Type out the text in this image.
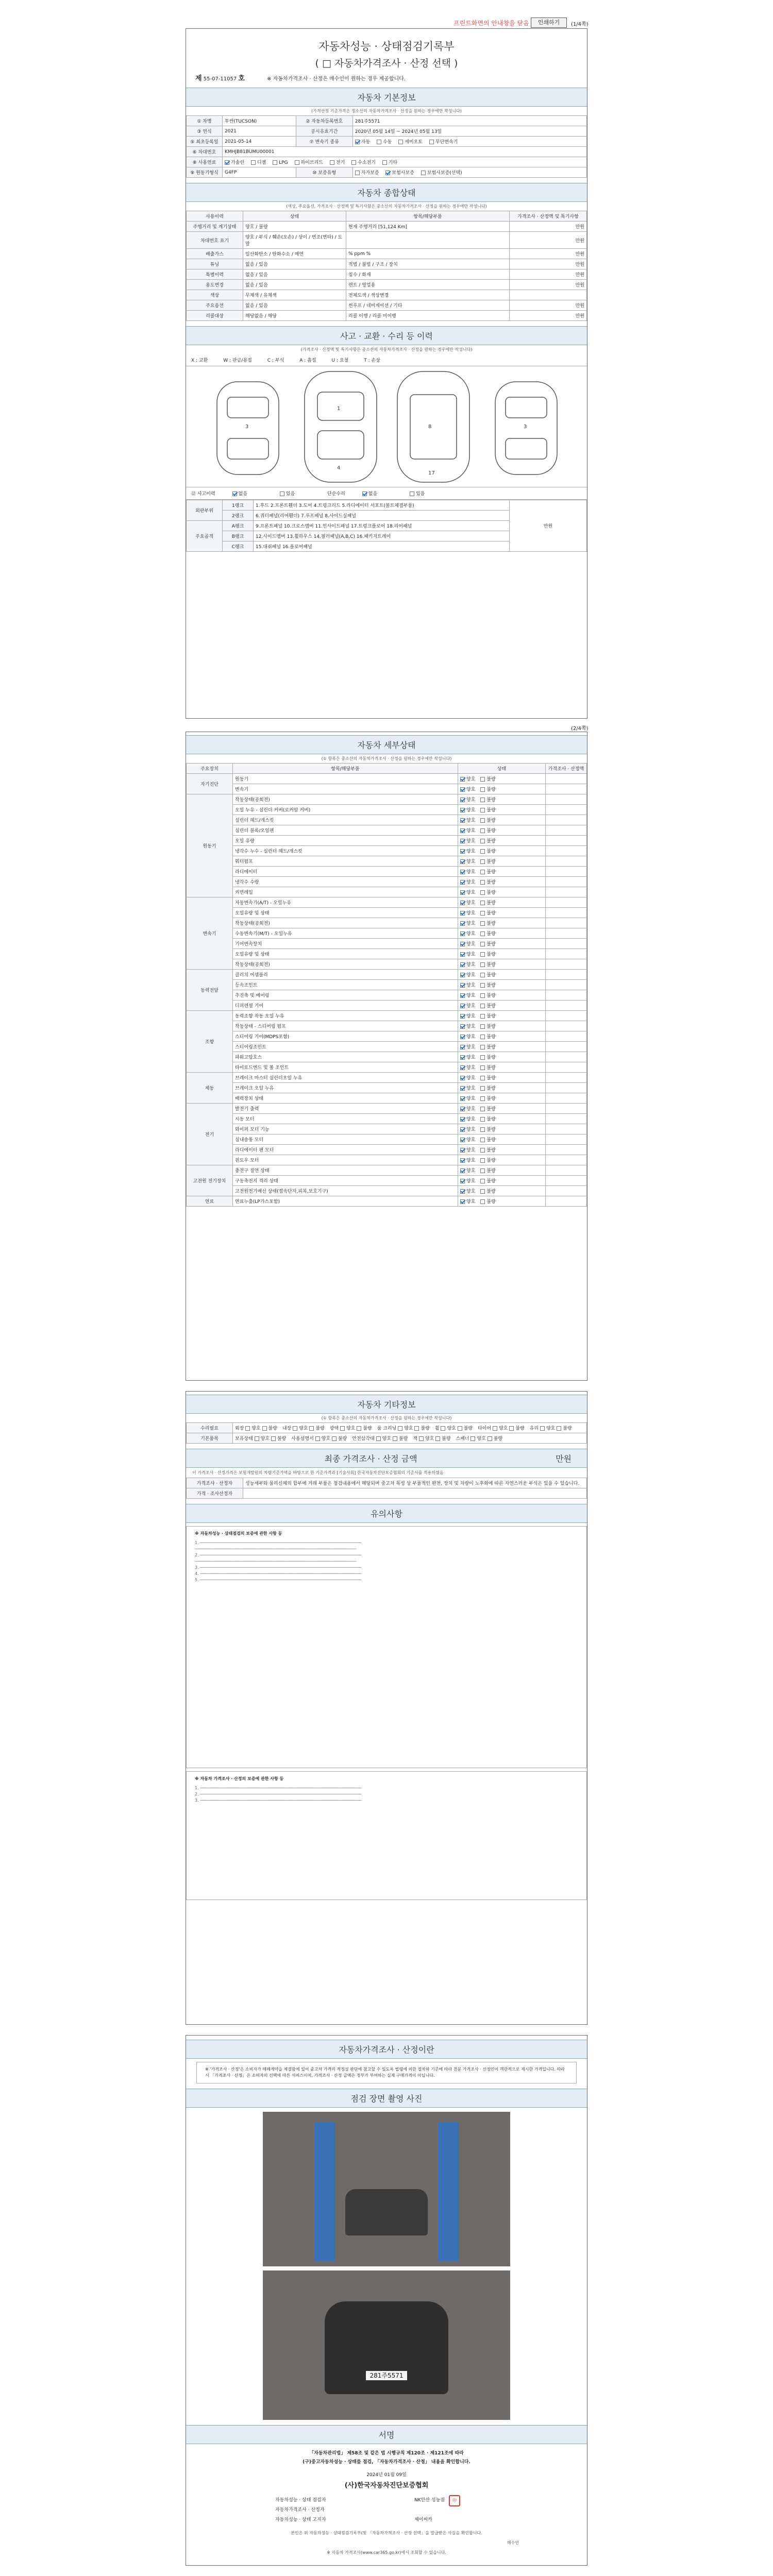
프린트화면의 안내창을 닫음	인쇄하기	(1/4쪽)
자동차성능 · 상태점검기록부
( □ 자동차가격조사 · 산정 선택 )
제 55-07-11057 호	※ 자동차가격조사 · 산정은 매수인이 원하는 경우 제공합니다.
자동차 기본정보
(가격산정 기준가격은 정소산의 자동차가격조사 · 산정을 원하는 경우에만 작성니다)
① 차명	투싼(TUCSON)	② 자동차등록번호	281주5571
③ 연식	2021	공시유효기간	2020년 05월 14일 ~ 2024년 05월 13일
⑤ 최초등록일	2021-05-14	⑦ 변속기 종류	자동 수동 세미오토 무단변속기
⑥ 차대번호	KMHJB81BUMU00001		
⑧ 사용연료	가솔린 디젤 LPG 하이브리드 전기 수소전기 기타		
⑨ 원동기형식	G4FP	⑩ 보증유형	자가보증 보험사보증 보험사보증(선택)
자동차 종합상태
(색상, 주요옵션, 가격조사 · 산정액 및 특기사항은 중소산의 자동차가격조사 · 산정을 원하는 경우에만 작성니다)
사용이력	상태	항목/해당부품	가격조사 · 산정액 및 특기사항
주행거리 및 계기상태	양호 / 불량	현재 주행거리 [51,124 Km]	만원
차대번호 표기	양호 / 부식 / 훼손(오손) / 상이 / 변조(변타) / 도말		만원
배출가스	일산화탄소 / 탄화수소 / 매연	% ppm %	만원
튜닝	없음 / 있음	적법 / 불법 / 구조 / 장치	만원
특별이력	없음 / 있음	침수 / 화재	만원
용도변경	없음 / 있음	렌트 / 영업용	만원
색상	무채색 / 유채색	전체도색 / 색상변경	
주요옵션	없음 / 있음	썬루프 / 네비게이션 / 기타	만원
리콜대상	해당없음 / 해당	리콜 이행 / 리콜 미이행	만원
사고 · 교환 · 수리 등 이력
(가격조사 · 산정액 및 특기사항은 중소산의 자동차가격조사 · 산정을 원하는 경우에만 작성니다)
X : 교환	W : 판금/용접	C : 부식	A : 흠집	U : 요철	T : 손상
3
1
4
8	3
17
⑫ 사고이력	없음	있음	단순수리	없음	있음
외판부위	1랭크	1.후드 2.프론트휀더 3.도어 4.트렁크리드 5.라디에이터 서포트(볼트체결부품)	만원
	2랭크	6.쿼터패널(리어휀더) 7.루프패널 8.사이드실패널	
주요골격	A랭크	9.프론트패널 10.크로스멤버 11.인사이드패널 17.트렁크플로어 18.리어패널	
	B랭크	12.사이드멤버 13.휠하우스 14.필러패널(A,B,C) 16.패키지트레이	
	C랭크	15.대쉬패널 16.플로어패널	
(2/4쪽)
자동차 세부상태
(① 항목은 중소산의 자동차가격조사 · 산정을 원하는 경우에만 작성니다)
주요장치	항목/해당부품	상태	가격조사 · 산정액
자기진단	원동기	양호 불량	
	변속기	양호 불량	
원동기	작동상태(공회전)	양호 불량	
	오일 누유 - 실린더 커버(로커암 커버)	양호 불량	
	실린더 헤드/개스킷	양호 불량	
	실린더 블록/오일팬	양호 불량	
	오일 유량	양호 불량	
	냉각수 누수 - 실린더 헤드/개스킷	양호 불량	
	워터펌프	양호 불량	
	라디에이터	양호 불량	
	냉각수 수량	양호 불량	
	커먼레일	양호 불량	
변속기	자동변속기(A/T) - 오일누유	양호 불량	
	오일유량 및 상태	양호 불량	
	작동상태(공회전)	양호 불량	
	수동변속기(M/T) - 오일누유	양호 불량	
	기어변속장치	양호 불량	
	오일유량 및 상태	양호 불량	
	작동상태(공회전)	양호 불량	
동력전달	클러치 어셈블리	양호 불량	
	등속조인트	양호 불량	
	추진축 및 베어링	양호 불량	
	디퍼렌셜 기어	양호 불량	
조향	동력조향 작동 오일 누유	양호 불량	
	작동상태 - 스티어링 펌프	양호 불량	
	스티어링 기어(MDPS포함)	양호 불량	
	스티어링조인트	양호 불량	
	파워고압호스	양호 불량	
	타이로드엔드 및 볼 조인트	양호 불량	
제동	브레이크 마스터 실린더오일 누유	양호 불량	
	브레이크 오일 누유	양호 불량	
	배력장치 상태	양호 불량	
전기	발전기 출력	양호 불량	
	시동 모터	양호 불량	
	와이퍼 모터 기능	양호 불량	
	실내송풍 모터	양호 불량	
	라디에이터 팬 모터	양호 불량	
	윈도우 모터	양호 불량	
고전원 전기장치	충전구 절연 상태	양호 불량	
	구동축전지 격리 상태	양호 불량	
	고전원전기배선 상태(접속단자,피복,보호기구)	양호 불량	
연료	연료누출(LP가스포함)	양호 불량	
자동차 기타정보
(① 항목은 중소산의 자동차가격조사 · 산정을 원하는 경우에만 작성니다)
수리필요	외장 양호 불량 내장 양호 불량 광택 양호 불량 룸 크리닝 양호 불량 휠 양호 불량 타이어 양호 불량 유리 양호 불량
기본품목	보유상태 양호 불량 사용설명서 양호 불량 안전삼각대 양호 불량 잭 양호 불량 스패너 양호 불량
최종 가격조사 · 산정 금액	만원
이 가격조사 · 산정가격은 보험개발원의 차량기준가액을 바탕으로 한 기준가격과 [기술사회] 한국자동차진단보증협회의 기준서를 적용하였음
가격조사 · 산정자	성능세부와 물리신체의 합부에 거래 부품은 점검내용에서 해당되며 중고차 특성 상 부품적인 완전, 장치 및 차량이 노후화에 따른 자연스러운 부식은 있을 수 있습니다.
가격 · 조사산정자	
유의사항
※ 자동차성능 · 상태점검의 보증에 관한 사항 등
1. ─────────────────────────────────────────────────────────────────
─────────────────────────────────────────────────────────────────
2. ─────────────────────────────────────────────────────────────────
─────────────────────────────────────────────────────────────────
3. ─────────────────────────────────────────────────────────────────
4. ─────────────────────────────────────────────────────────────────
5. ─────────────────────────────────────────────────────────────────
※ 자동차 가격조사 · 산정의 보증에 관한 사항 등
1. ─────────────────────────────────────────────────────────────────
2. ─────────────────────────────────────────────────────────────────
3. ─────────────────────────────────────────────────────────────────
자동차가격조사 · 산정이란
※ '가격조사 · 산정'은 소비자가 매매계약을 체결함에 있어 중고차 가격의 적정성 판단에 참고할 수 있도록 법령에 의한 절차와 기준에 따라 전문 가격조사 · 산정인이 객관적으로 제시한 가격입니다. 따라서 「가격조사 · 산정」은 소비자의 선택에 따른 서비스이며, 가격조사 · 산정 금액은 정부가 부여하는 실제 구매가격이 아닙니다.
점검 장면 촬영 사진
281주5571
서명
「자동차관리법」 제58조 및 같은 법 시행규칙 제120조 · 제121조에 따라
(구)중고자동차성능 · 상태를 점검, 「자동차가격조사 · 산정」 내용을 확인합니다.
2024년 01월 09일
(사)한국자동차진단보증협회
자동차성능 · 상태 점검자	NK안산 성능점
자동차가격조사 · 산정자	
자동차성능 · 상태 고지자	제이씨카
印
본인은 위 자동차성능 · 상태점검기록부(및 「자동차가격조사 · 산정 선택」을 발급받은 사실을 확인합니다.
매수인
※ 자동차 가격조사(www.car365.go.kr)에서 조회할 수 있습니다.
